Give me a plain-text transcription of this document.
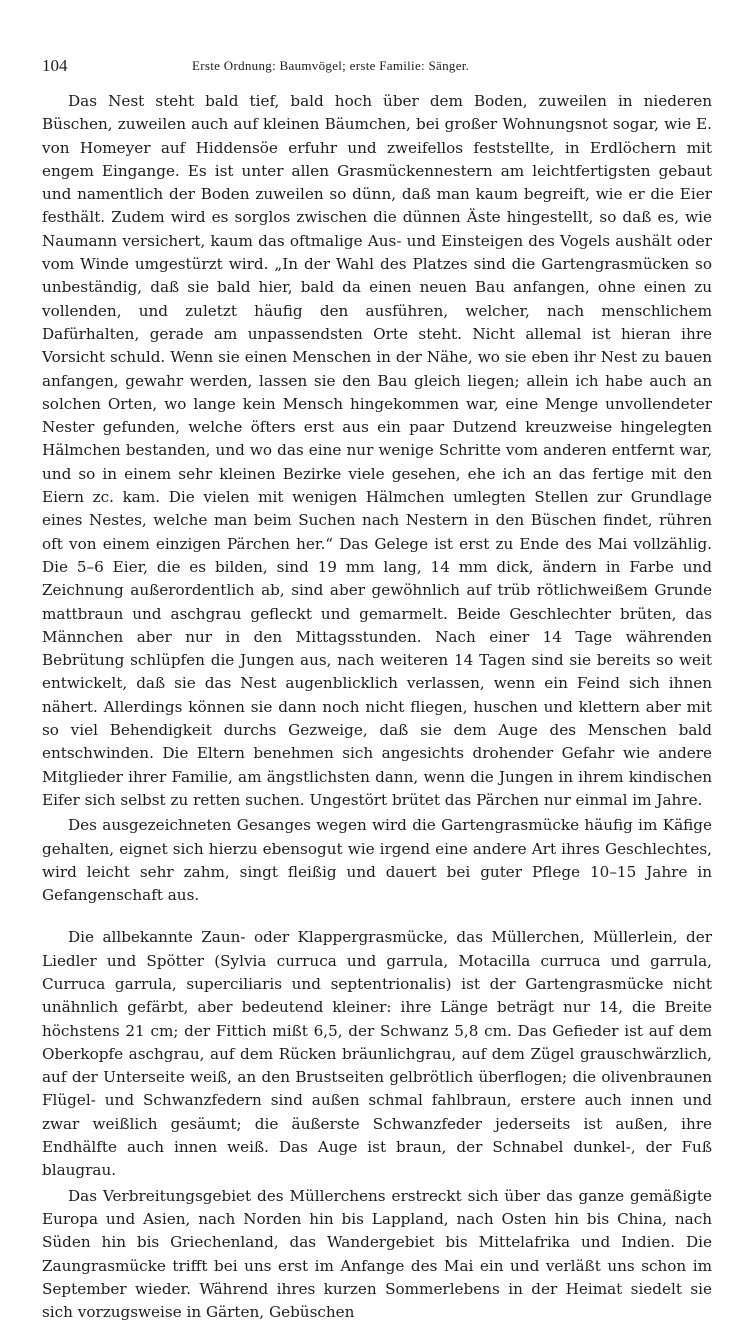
104	Erste Ordnung: Baumvögel; erste Familie: Sänger.

Das Nest steht bald tief, bald hoch über dem Boden, zuweilen in niederen Büschen, zuweilen auch auf kleinen Bäumchen, bei großer Wohnungsnot sogar, wie E. von Homeyer auf Hiddensöe erfuhr und zweifellos feststellte, in Erdlöchern mit engem Eingange. Es ist unter allen Grasmückennestern am leichtfertigsten gebaut und namentlich der Boden zuweilen so dünn, daß man kaum begreift, wie er die Eier festhält. Zudem wird es sorglos zwischen die dünnen Äste hingestellt, so daß es, wie Naumann versichert, kaum das oftmalige Aus- und Einsteigen des Vogels aushält oder vom Winde umgestürzt wird. „In der Wahl des Platzes sind die Gartengrasmücken so unbeständig, daß sie bald hier, bald da einen neuen Bau anfangen, ohne einen zu vollenden, und zuletzt häufig den ausführen, welcher, nach menschlichem Dafürhalten, gerade am unpassendsten Orte steht. Nicht allemal ist hieran ihre Vorsicht schuld. Wenn sie einen Menschen in der Nähe, wo sie eben ihr Nest zu bauen anfangen, gewahr werden, lassen sie den Bau gleich liegen; allein ich habe auch an solchen Orten, wo lange kein Mensch hingekommen war, eine Menge unvollendeter Nester gefunden, welche öfters erst aus ein paar Dutzend kreuzweise hingelegten Hälmchen bestanden, und wo das eine nur wenige Schritte vom anderen entfernt war, und so in einem sehr kleinen Bezirke viele gesehen, ehe ich an das fertige mit den Eiern zc. kam. Die vielen mit wenigen Hälmchen umlegten Stellen zur Grundlage eines Nestes, welche man beim Suchen nach Nestern in den Büschen findet, rühren oft von einem einzigen Pärchen her.“ Das Gelege ist erst zu Ende des Mai vollzählig. Die 5–6 Eier, die es bilden, sind 19 mm lang, 14 mm dick, ändern in Farbe und Zeichnung außerordentlich ab, sind aber gewöhnlich auf trüb rötlichweißem Grunde mattbraun und aschgrau gefleckt und gemarmelt. Beide Geschlechter brüten, das Männchen aber nur in den Mittagsstunden. Nach einer 14 Tage währenden Bebrütung schlüpfen die Jungen aus, nach weiteren 14 Tagen sind sie bereits so weit entwickelt, daß sie das Nest augenblicklich verlassen, wenn ein Feind sich ihnen nähert. Allerdings können sie dann noch nicht fliegen, huschen und klettern aber mit so viel Behendigkeit durchs Gezweige, daß sie dem Auge des Menschen bald entschwinden. Die Eltern benehmen sich angesichts drohender Gefahr wie andere Mitglieder ihrer Familie, am ängstlichsten dann, wenn die Jungen in ihrem kindischen Eifer sich selbst zu retten suchen. Ungestört brütet das Pärchen nur einmal im Jahre.

Des ausgezeichneten Gesanges wegen wird die Gartengrasmücke häufig im Käfige gehalten, eignet sich hierzu ebensogut wie irgend eine andere Art ihres Geschlechtes, wird leicht sehr zahm, singt fleißig und dauert bei guter Pflege 10–15 Jahre in Gefangenschaft aus.

Die allbekannte Zaun- oder Klappergrasmücke, das Müllerchen, Müllerlein, der Liedler und Spötter (Sylvia curruca und garrula, Motacilla curruca und garrula, Curruca garrula, superciliaris und septentrionalis) ist der Gartengrasmücke nicht unähnlich gefärbt, aber bedeutend kleiner: ihre Länge beträgt nur 14, die Breite höchstens 21 cm; der Fittich mißt 6,5, der Schwanz 5,8 cm. Das Gefieder ist auf dem Oberkopfe aschgrau, auf dem Rücken bräunlichgrau, auf dem Zügel grauschwärzlich, auf der Unterseite weiß, an den Brustseiten gelbrötlich überflogen; die olivenbraunen Flügel- und Schwanzfedern sind außen schmal fahlbraun, erstere auch innen und zwar weißlich gesäumt; die äußerste Schwanzfeder jederseits ist außen, ihre Endhälfte auch innen weiß. Das Auge ist braun, der Schnabel dunkel-, der Fuß blaugrau.

Das Verbreitungsgebiet des Müllerchens erstreckt sich über das ganze gemäßigte Europa und Asien, nach Norden hin bis Lappland, nach Osten hin bis China, nach Süden hin bis Griechenland, das Wandergebiet bis Mittelafrika und Indien. Die Zaungrasmücke trifft bei uns erst im Anfange des Mai ein und verläßt uns schon im September wieder. Während ihres kurzen Sommerlebens in der Heimat siedelt sie sich vorzugsweise in Gärten, Gebüschen
